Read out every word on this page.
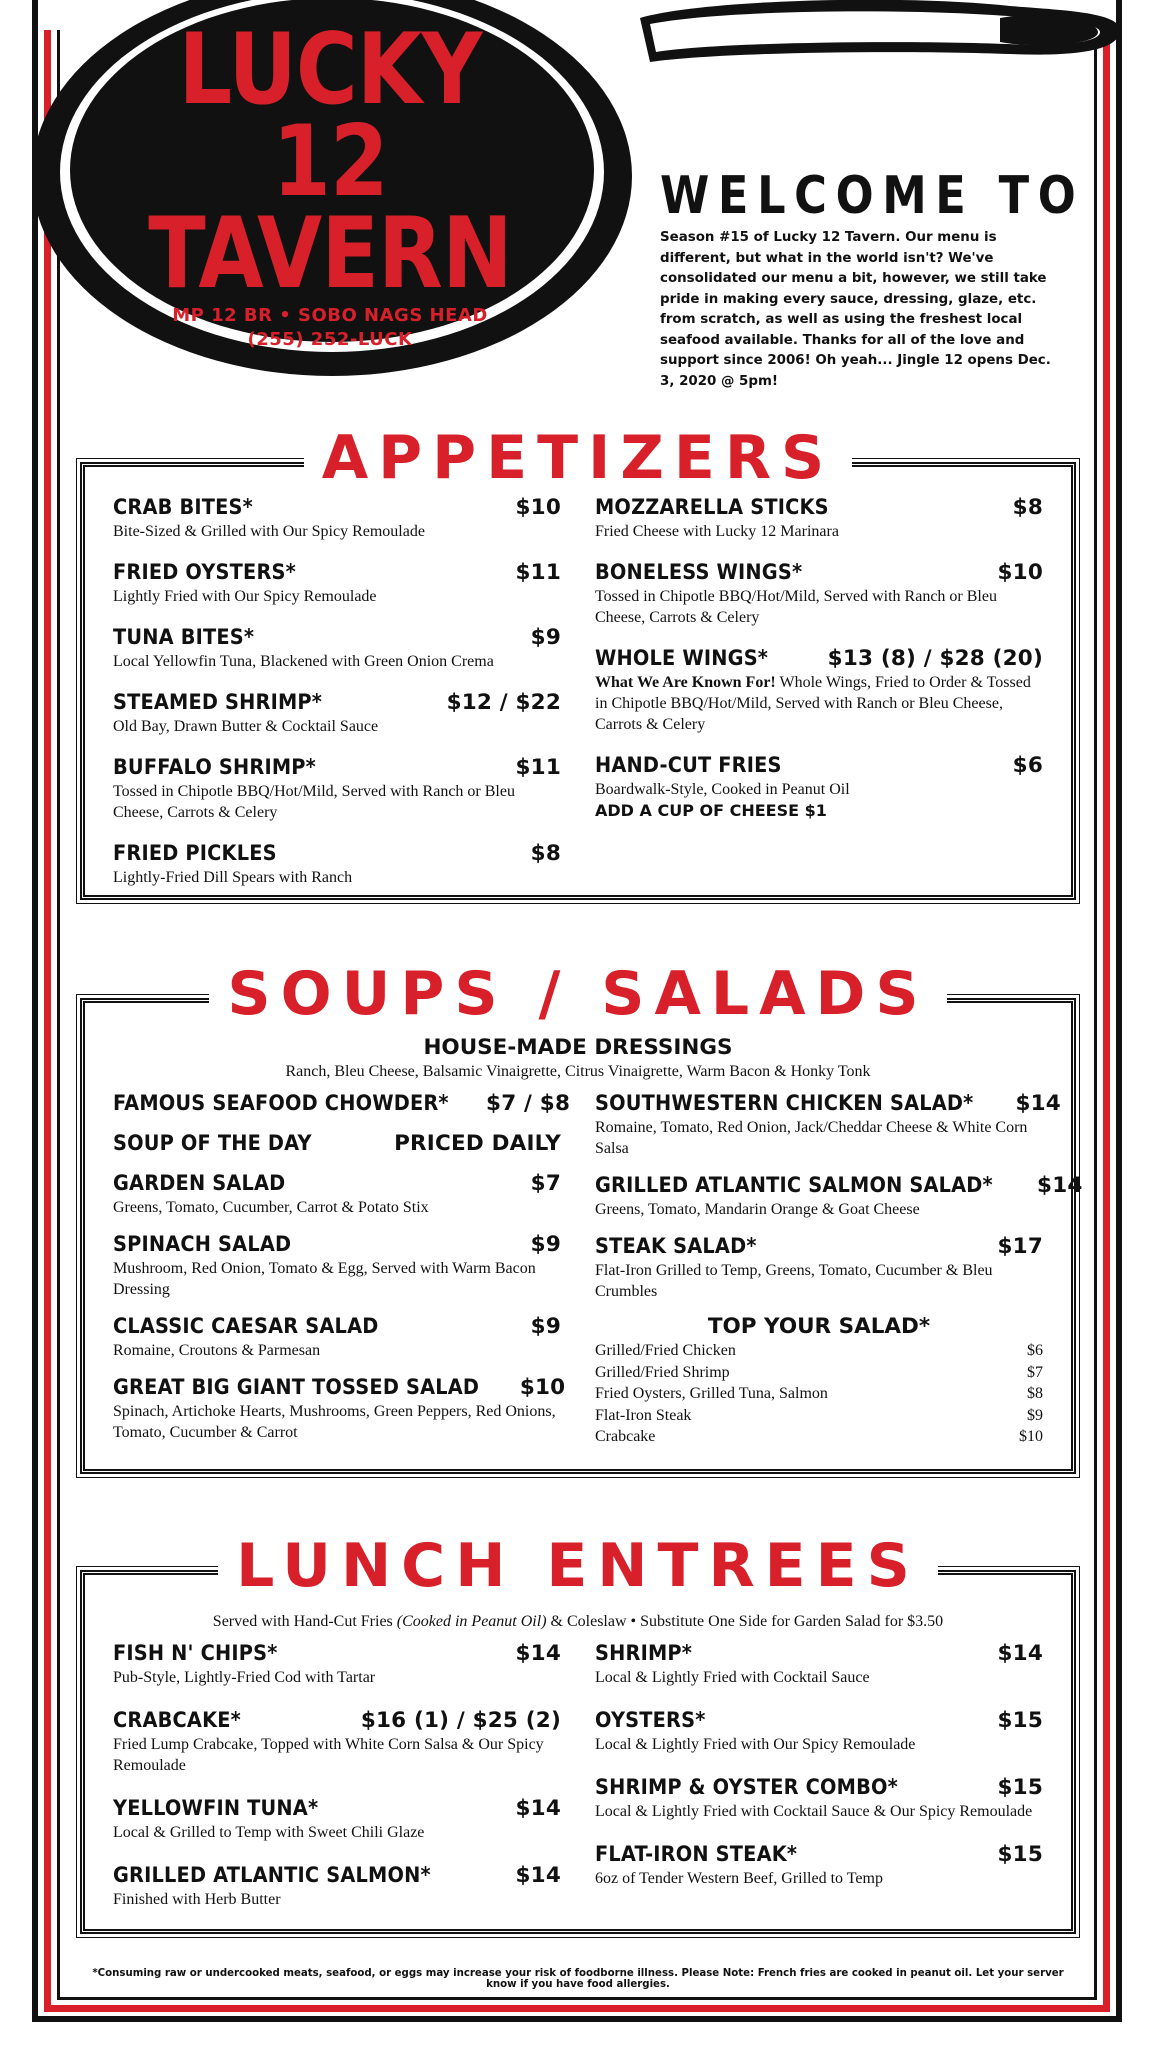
LUCKY 12
TAVERN
MP 12 BR • SOBO NAGS HEAD
(255) 252-LUCK
WELCOME TO

Season #15 of Lucky 12 Tavern. Our menu is different, but what in the world isn't? We've consolidated our menu a bit, however, we still take pride in making every sauce, dressing, glaze, etc. from scratch, as well as using the freshest local seafood available. Thanks for all of the love and support since 2006! Oh yeah... Jingle 12 opens Dec. 3, 2020 @ 5pm!

APPETIZERS
CRAB BITES*	$10
Bite-Sized & Grilled with Our Spicy Remoulade
FRIED OYSTERS*	$11
Lightly Fried with Our Spicy Remoulade
TUNA BITES*	$9
Local Yellowfin Tuna, Blackened with Green Onion Crema
STEAMED SHRIMP*	$12 / $22
Old Bay, Drawn Butter & Cocktail Sauce
BUFFALO SHRIMP*	$11
Tossed in Chipotle BBQ/Hot/Mild, Served with Ranch or Bleu Cheese, Carrots & Celery
FRIED PICKLES	$8
Lightly-Fried Dill Spears with Ranch
MOZZARELLA STICKS	$8
Fried Cheese with Lucky 12 Marinara
BONELESS WINGS*	$10
Tossed in Chipotle BBQ/Hot/Mild, Served with Ranch or Bleu Cheese, Carrots & Celery
WHOLE WINGS*	$13 (8) / $28 (20)
What We Are Known For! Whole Wings, Fried to Order & Tossed in Chipotle BBQ/Hot/Mild, Served with Ranch or Bleu Cheese, Carrots & Celery
HAND-CUT FRIES	$6
Boardwalk-Style, Cooked in Peanut Oil
ADD A CUP OF CHEESE $1
SOUPS / SALADS
HOUSE-MADE DRESSINGS
Ranch, Bleu Cheese, Balsamic Vinaigrette, Citrus Vinaigrette, Warm Bacon & Honky Tonk
FAMOUS SEAFOOD CHOWDER* $7 / $8
SOUP OF THE DAY	PRICED DAILY
GARDEN SALAD	$7
Greens, Tomato, Cucumber, Carrot & Potato Stix
SPINACH SALAD	$9
Mushroom, Red Onion, Tomato & Egg, Served with Warm Bacon Dressing
CLASSIC CAESAR SALAD	$9
Romaine, Croutons & Parmesan
GREAT BIG GIANT TOSSED SALAD $10
Spinach, Artichoke Hearts, Mushrooms, Green Peppers, Red Onions, Tomato, Cucumber & Carrot
SOUTHWESTERN CHICKEN SALAD* $14
Romaine, Tomato, Red Onion, Jack/Cheddar Cheese & White Corn Salsa
GRILLED ATLANTIC SALMON SALAD* $14
Greens, Tomato, Mandarin Orange & Goat Cheese
STEAK SALAD*	$17
Flat-Iron Grilled to Temp, Greens, Tomato, Cucumber & Bleu Crumbles
TOP YOUR SALAD*
Grilled/Fried Chicken	$6
Grilled/Fried Shrimp	$7
Fried Oysters, Grilled Tuna, Salmon	$8
Flat-Iron Steak	$9
Crabcake	$10
LUNCH ENTREES
Served with Hand-Cut Fries (Cooked in Peanut Oil) & Coleslaw • Substitute One Side for Garden Salad for $3.50
FISH N' CHIPS*	$14
Pub-Style, Lightly-Fried Cod with Tartar
CRABCAKE*	$16 (1) / $25 (2)
Fried Lump Crabcake, Topped with White Corn Salsa & Our Spicy Remoulade
YELLOWFIN TUNA*	$14
Local & Grilled to Temp with Sweet Chili Glaze
GRILLED ATLANTIC SALMON*	$14
Finished with Herb Butter
SHRIMP*	$14
Local & Lightly Fried with Cocktail Sauce
OYSTERS*	$15
Local & Lightly Fried with Our Spicy Remoulade
SHRIMP & OYSTER COMBO*	$15
Local & Lightly Fried with Cocktail Sauce & Our Spicy Remoulade
FLAT-IRON STEAK*	$15
6oz of Tender Western Beef, Grilled to Temp
*Consuming raw or undercooked meats, seafood, or eggs may increase your risk of foodborne illness. Please Note: French fries are cooked in peanut oil. Let your server know if you have food allergies.
